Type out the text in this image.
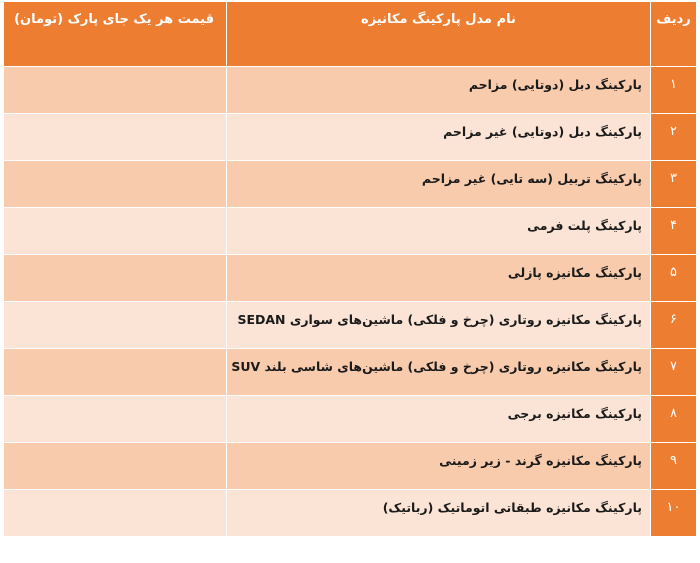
ردیف
نام مدل پارکینگ مکانیزه
قیمت هر یک جای پارک (تومان)
۱
پارکینگ دبل (دوتایی) مزاحم
۲
پارکینگ دبل (دوتایی) غیر مزاحم
۳
پارکینگ تربیل (سه تایی) غیر مزاحم
۴
پارکینگ پلت فرمی
۵
پارکینگ مکانیزه پازلی
۶
پارکینگ مکانیزه روتاری (چرخ و فلکی) ماشین‌های سواری SEDAN
۷
پارکینگ مکانیزه روتاری (چرخ و فلکی) ماشین‌های شاسی بلند SUV
۸
پارکینگ مکانیزه برجی
۹
پارکینگ مکانیزه گرند - زیر زمینی
۱۰
پارکینگ مکانیزه طبقاتی اتوماتیک (رباتیک)
